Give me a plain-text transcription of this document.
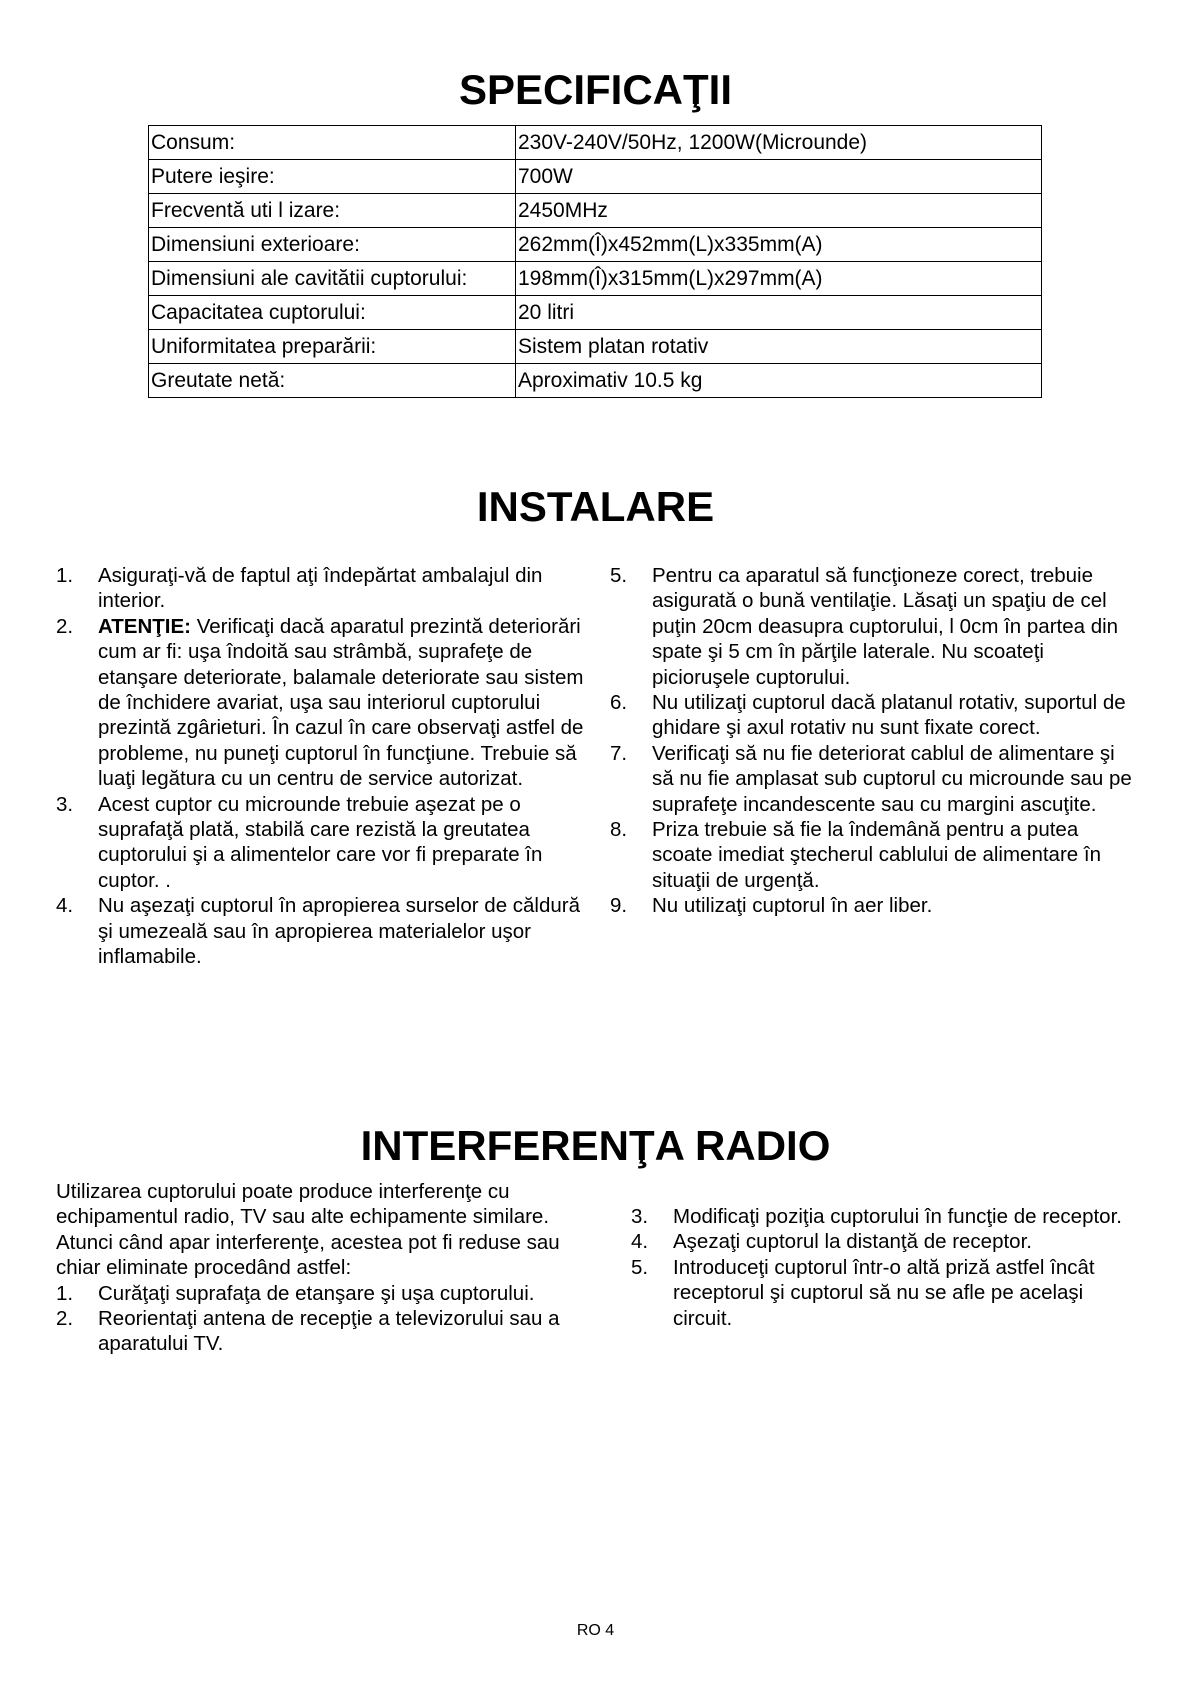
SPECIFICAŢII
Consum:	230V-240V/50Hz, 1200W(Microunde)
Putere ieşire:	700W
Frecventă uti l izare:	2450MHz
Dimensiuni exterioare:	262mm(Î)x452mm(L)x335mm(A)
Dimensiuni ale cavitătii cuptorului:	198mm(Î)x315mm(L)x297mm(A)
Capacitatea cuptorului:	20 litri
Uniformitatea preparării:	Sistem platan rotativ
Greutate netă:	Aproximativ 10.5 kg
INSTALARE
1. Asiguraţi-vă de faptul aţi îndepărtat ambalajul din interior.
2. ATENŢIE: Verificaţi dacă aparatul prezintă deteriorări cum ar fi: uşa îndoită sau strâmbă, suprafeţe de etanşare deteriorate, balamale deteriorate sau sistem de închidere avariat, uşa sau interiorul cuptorului prezintă zgârieturi. În cazul în care observaţi astfel de probleme, nu puneţi cuptorul în funcţiune. Trebuie să luaţi legătura cu un centru de service autorizat.
3. Acest cuptor cu microunde trebuie aşezat pe o suprafaţă plată, stabilă care rezistă la greutatea cuptorului şi a alimentelor care vor fi preparate în cuptor. .
4. Nu aşezaţi cuptorul în apropierea surselor de căldură şi umezeală sau în apropierea materialelor uşor inflamabile.
5. Pentru ca aparatul să funcţioneze corect, trebuie asigurată o bună ventilaţie. Lăsaţi un spaţiu de cel puţin 20cm deasupra cuptorului, l 0cm în partea din spate şi 5 cm în părţile laterale. Nu scoateţi picioruşele cuptorului.
6. Nu utilizaţi cuptorul dacă platanul rotativ, suportul de ghidare şi axul rotativ nu sunt fixate corect.
7. Verificaţi să nu fie deteriorat cablul de alimentare şi să nu fie amplasat sub cuptorul cu microunde sau pe suprafeţe incandescente sau cu margini ascuţite.
8. Priza trebuie să fie la îndemână pentru a putea scoate imediat ştecherul cablului de alimentare în situaţii de urgenţă.
9. Nu utilizaţi cuptorul în aer liber.
INTERFERENŢA RADIO

Utilizarea cuptorului poate produce interferenţe cu echipamentul radio, TV sau alte echipamente similare.

Atunci când apar interferenţe, acestea pot fi reduse sau chiar eliminate procedând astfel:

1. Curăţaţi suprafaţa de etanşare şi uşa cuptorului.
2. Reorientaţi antena de recepţie a televizorului sau a aparatului TV.
3. Modificaţi poziţia cuptorului în funcţie de receptor.
4. Aşezaţi cuptorul la distanţă de receptor.
5. Introduceţi cuptorul într-o altă priză astfel încât receptorul şi cuptorul să nu se afle pe acelaşi circuit.
RO 4
